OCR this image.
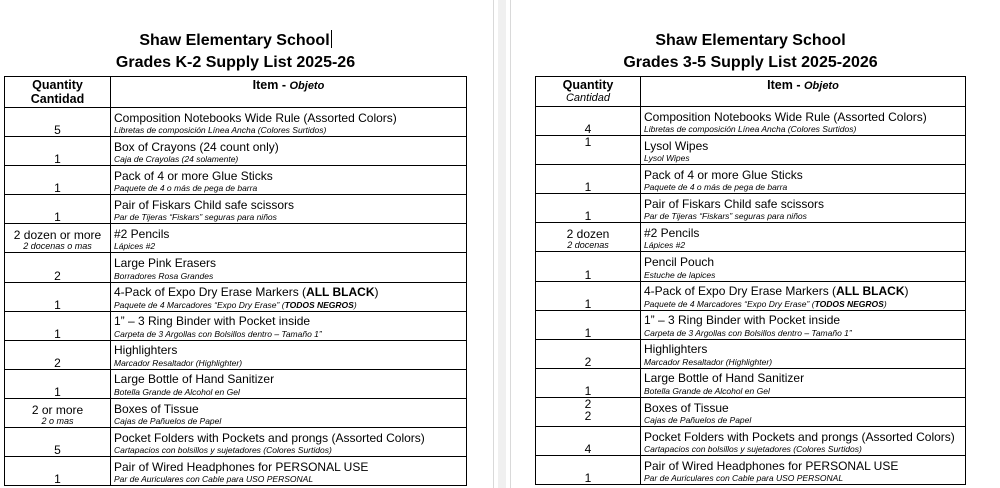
Shaw Elementary School
Grades K-2 Supply List 2025-26
Quantity
Cantidad	Item - Objeto
5	Composition Notebooks Wide Rule (Assorted Colors)
Libretas de composición Línea Ancha (Colores Surtidos)

1	Box of Crayons (24 count only)
Caja de Crayolas (24 solamente)

1	Pack of 4 or more Glue Sticks
Paquete de 4 o más de pega de barra

1	Pair of Fiskars Child safe scissors
Par de Tijeras “Fiskars” seguras para niños

2 dozen or more
2 docenas o mas	#2 Pencils
Lápices #2

2	Large Pink Erasers
Borradores Rosa Grandes

1	4-Pack of Expo Dry Erase Markers (ALL BLACK)
Paquete de 4 Marcadores “Expo Dry Erase” (TODOS NEGROS)

1	1” – 3 Ring Binder with Pocket inside
Carpeta de 3 Argollas con Bolsillos dentro – Tamaño 1”

2	Highlighters
Marcador Resaltador (Highlighter)

1	Large Bottle of Hand Sanitizer
Botella Grande de Alcohol en Gel

2 or more
2 o mas	Boxes of Tissue
Cajas de Pañuelos de Papel

5	Pocket Folders with Pockets and prongs (Assorted Colors)
Cartapacios con bolsillos y sujetadores (Colores Surtidos)

1	Pair of Wired Headphones for PERSONAL USE
Par de Auriculares con Cable para USO PERSONAL
Shaw Elementary School
Grades 3-5 Supply List 2025-2026
Quantity
Cantidad	Item - Objeto
4	Composition Notebooks Wide Rule (Assorted Colors)
Libretas de composición Línea Ancha (Colores Surtidos)

1	Lysol Wipes
Lysol Wipes

1	Pack of 4 or more Glue Sticks
Paquete de 4 o más de pega de barra

1	Pair of Fiskars Child safe scissors
Par de Tijeras “Fiskars” seguras para niños

2 dozen
2 docenas	#2 Pencils
Lápices #2

1	Pencil Pouch
Estuche de lapices

1	4-Pack of Expo Dry Erase Markers (ALL BLACK)
Paquete de 4 Marcadores “Expo Dry Erase” (TODOS NEGROS)

1	1” – 3 Ring Binder with Pocket inside
Carpeta de 3 Argollas con Bolsillos dentro – Tamaño 1”

2	Highlighters
Marcador Resaltador (Highlighter)

1	Large Bottle of Hand Sanitizer
Botella Grande de Alcohol en Gel

2
2	Boxes of Tissue
Cajas de Pañuelos de Papel

4	Pocket Folders with Pockets and prongs (Assorted Colors)
Cartapacios con bolsillos y sujetadores (Colores Surtidos)

1	Pair of Wired Headphones for PERSONAL USE
Par de Auriculares con Cable para USO PERSONAL
